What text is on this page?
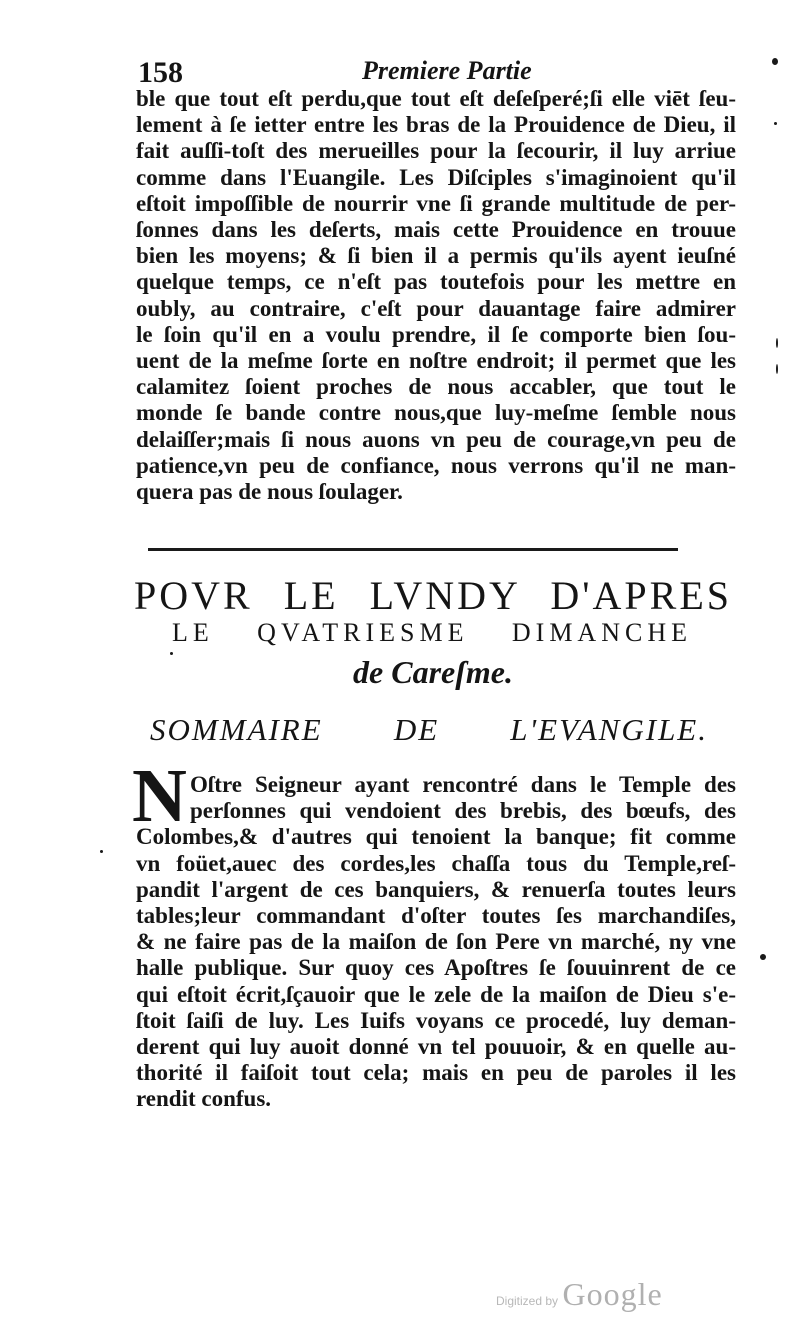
158	Premiere Partie
ble que tout eſt perdu,que tout eſt deſeſperé;ſi elle viēt ſeu-
lement à ſe ietter entre les bras de la Prouidence de Dieu, il
fait auſſi-toſt des merueilles pour la ſecourir, il luy arriue
comme dans l'Euangile. Les Diſciples s'imaginoient qu'il
eſtoit impoſſible de nourrir vne ſi grande multitude de per-
ſonnes dans les deſerts, mais cette Prouidence en trouue
bien les moyens; & ſi bien il a permis qu'ils ayent ieuſné
quelque temps, ce n'eſt pas toutefois pour les mettre en
oubly, au contraire, c'eſt pour dauantage faire admirer
le ſoin qu'il en a voulu prendre, il ſe comporte bien ſou-
uent de la meſme ſorte en noſtre endroit; il permet que les
calamitez ſoient proches de nous accabler, que tout le
monde ſe bande contre nous,que luy-meſme ſemble nous
delaiſſer;mais ſi nous auons vn peu de courage,vn peu de
patience,vn peu de confiance, nous verrons qu'il ne man-
quera pas de nous ſoulager.
POVR LE LVNDY D'APRES
LE QVATRIESME DIMANCHE
de Careſme.
SOMMAIRE DE L'EVANGILE.
N Oſtre Seigneur ayant rencontré dans le Temple des
perſonnes qui vendoient des brebis, des bœufs, des
Colombes,& d'autres qui tenoient la banque; fit comme
vn foüet,auec des cordes,les chaſſa tous du Temple,reſ-
pandit l'argent de ces banquiers, & renuerſa toutes leurs
tables;leur commandant d'oſter toutes ſes marchandiſes,
& ne faire pas de la maiſon de ſon Pere vn marché, ny vne
halle publique. Sur quoy ces Apoſtres ſe ſouuinrent de ce
qui eſtoit écrit,ſçauoir que le zele de la maiſon de Dieu s'e-
ſtoit ſaiſi de luy. Les Iuifs voyans ce procedé, luy deman-
derent qui luy auoit donné vn tel pouuoir, & en quelle au-
thorité il faiſoit tout cela; mais en peu de paroles il les
rendit confus.
Digitized by Google
